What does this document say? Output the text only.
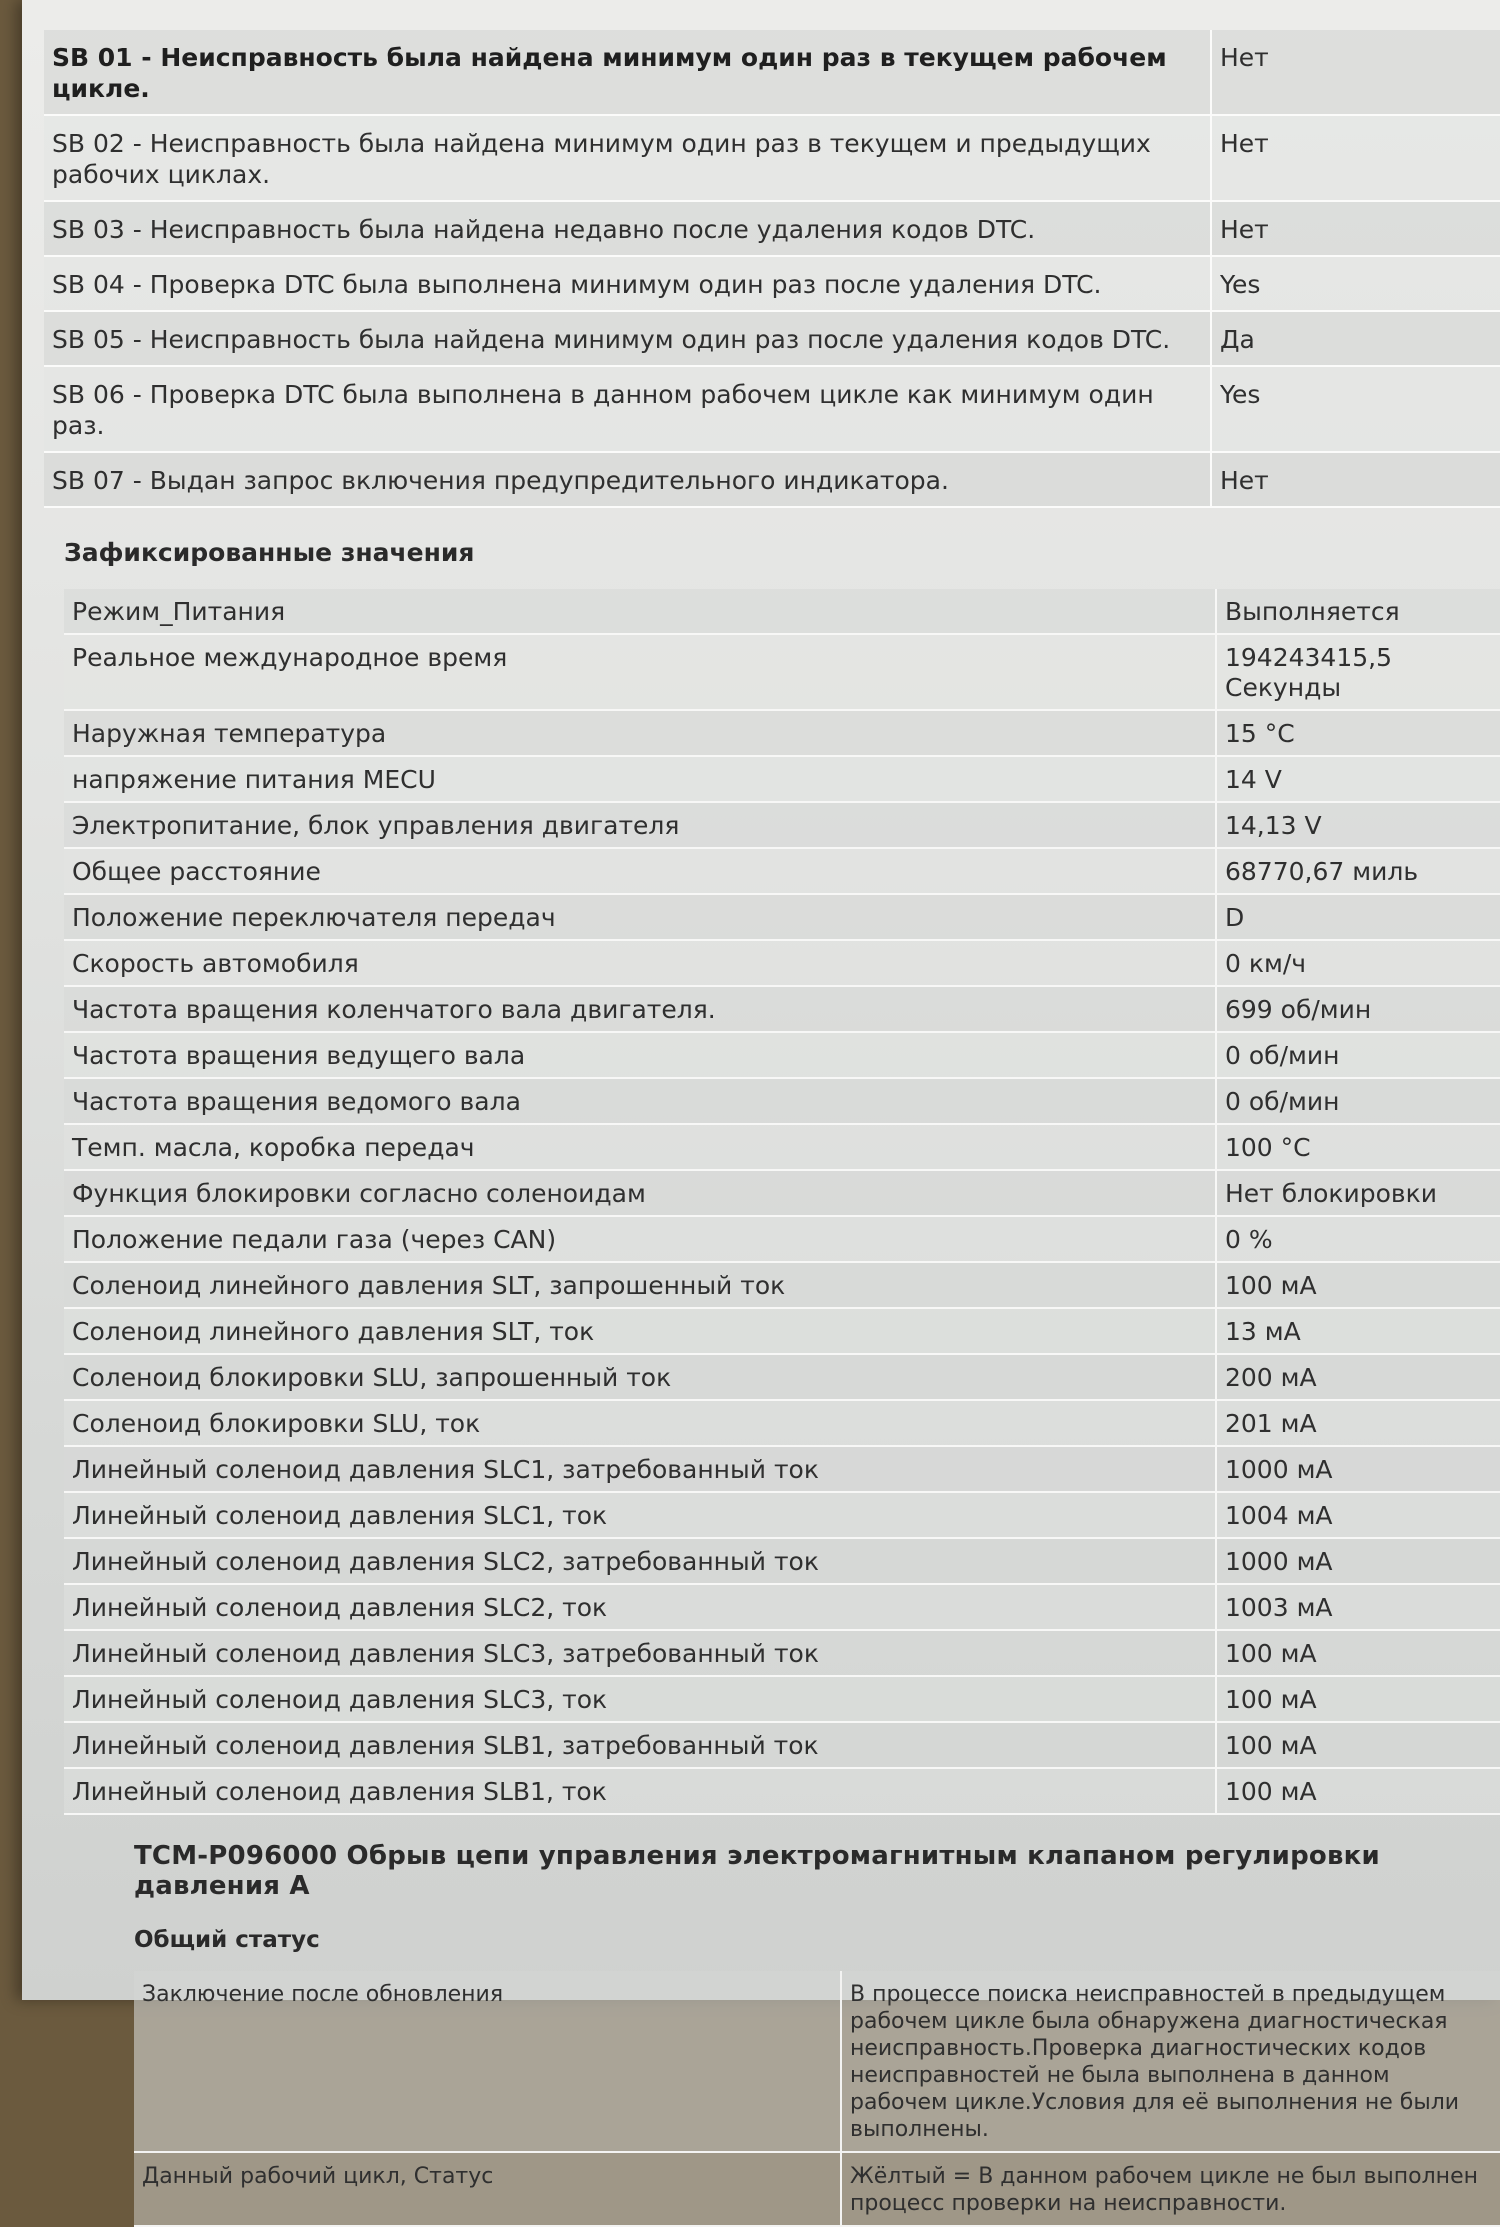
SB 01 - Неисправность была найдена минимум один раз в текущем рабочем цикле.	Нет
SB 02 - Неисправность была найдена минимум один раз в текущем и предыдущих рабочих циклах.	Нет
SB 03 - Неисправность была найдена недавно после удаления кодов DTC.	Нет
SB 04 - Проверка DTC была выполнена минимум один раз после удаления DTC.	Yes
SB 05 - Неисправность была найдена минимум один раз после удаления кодов DTC.	Да
SB 06 - Проверка DTC была выполнена в данном рабочем цикле как минимум один раз.	Yes
SB 07 - Выдан запрос включения предупредительного индикатора.	Нет
Зафиксированные значения
Режим_Питания	Выполняется
Реальное международное время	194243415,5 Секунды
Наружная температура	15 °C
напряжение питания MECU	14 V
Электропитание, блок управления двигателя	14,13 V
Общее расстояние	68770,67 миль
Положение переключателя передач	D
Скорость автомобиля	0 км/ч
Частота вращения коленчатого вала двигателя.	699 об/мин
Частота вращения ведущего вала	0 об/мин
Частота вращения ведомого вала	0 об/мин
Темп. масла, коробка передач	100 °C
Функция блокировки согласно соленоидам	Нет блокировки
Положение педали газа (через CAN)	0 %
Соленоид линейного давления SLT, запрошенный ток	100 мА
Соленоид линейного давления SLT, ток	13 мА
Соленоид блокировки SLU, запрошенный ток	200 мА
Соленоид блокировки SLU, ток	201 мА
Линейный соленоид давления SLC1, затребованный ток	1000 мА
Линейный соленоид давления SLC1, ток	1004 мА
Линейный соленоид давления SLC2, затребованный ток	1000 мА
Линейный соленоид давления SLC2, ток	1003 мА
Линейный соленоид давления SLC3, затребованный ток	100 мА
Линейный соленоид давления SLC3, ток	100 мА
Линейный соленоид давления SLB1, затребованный ток	100 мА
Линейный соленоид давления SLB1, ток	100 мА
TCM-P096000 Обрыв цепи управления электромагнитным клапаном регулировки давления A
Общий статус
Заключение после обновления	В процессе поиска неисправностей в предыдущем рабочем цикле была обнаружена диагностическая неисправность.Проверка диагностических кодов неисправностей не была выполнена в данном рабочем цикле.Условия для её выполнения не были выполнены.
Данный рабочий цикл, Статус	Жёлтый = В данном рабочем цикле не был выполнен процесс проверки на неисправности.
